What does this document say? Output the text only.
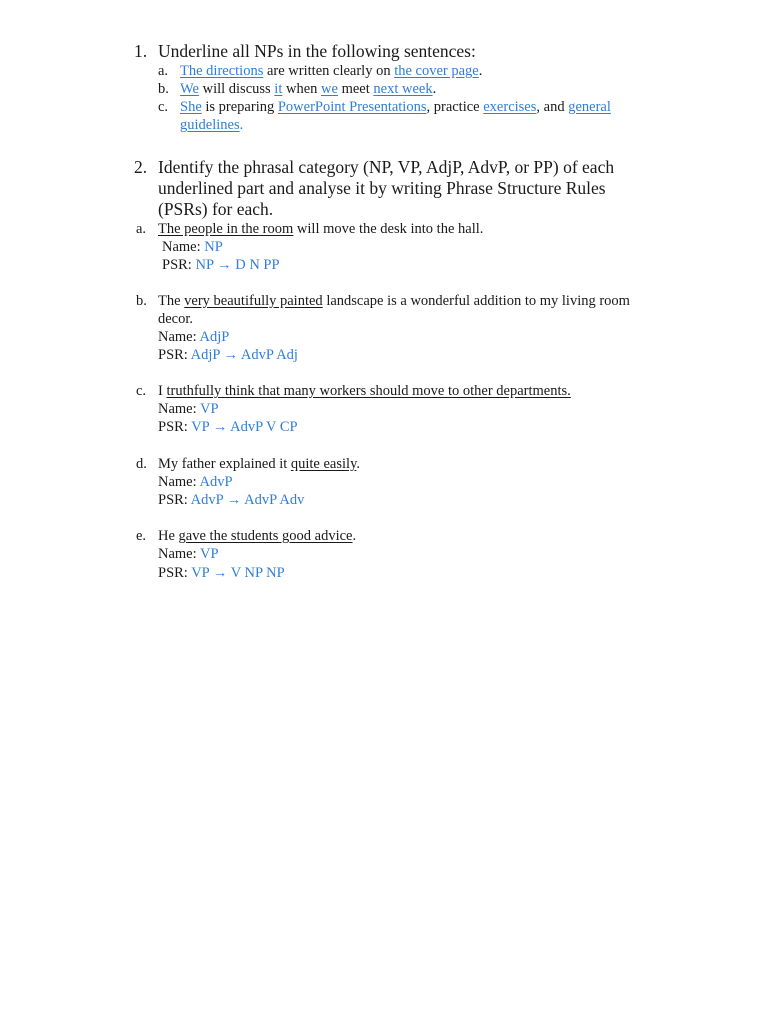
1. Underline all NPs in the following sentences:
a. The directions are written clearly on the cover page.
b. We will discuss it when we meet next week.
c. She is preparing PowerPoint Presentations, practice exercises, and general
guidelines.
2. Identify the phrasal category (NP, VP, AdjP, AdvP, or PP) of each underlined part and analyse it by writing Phrase Structure Rules (PSRs) for each.
a. The people in the room will move the desk into the hall.
Name: NP
PSR: NP → D N PP
b. The very beautifully painted landscape is a wonderful addition to my living room
decor.
Name: AdjP
PSR: AdjP → AdvP Adj
c. I truthfully think that many workers should move to other departments.
Name: VP
PSR: VP → AdvP V CP
d. My father explained it quite easily.
Name: AdvP
PSR: AdvP → AdvP Adv
e. He gave the students good advice.
Name: VP
PSR: VP → V NP NP
